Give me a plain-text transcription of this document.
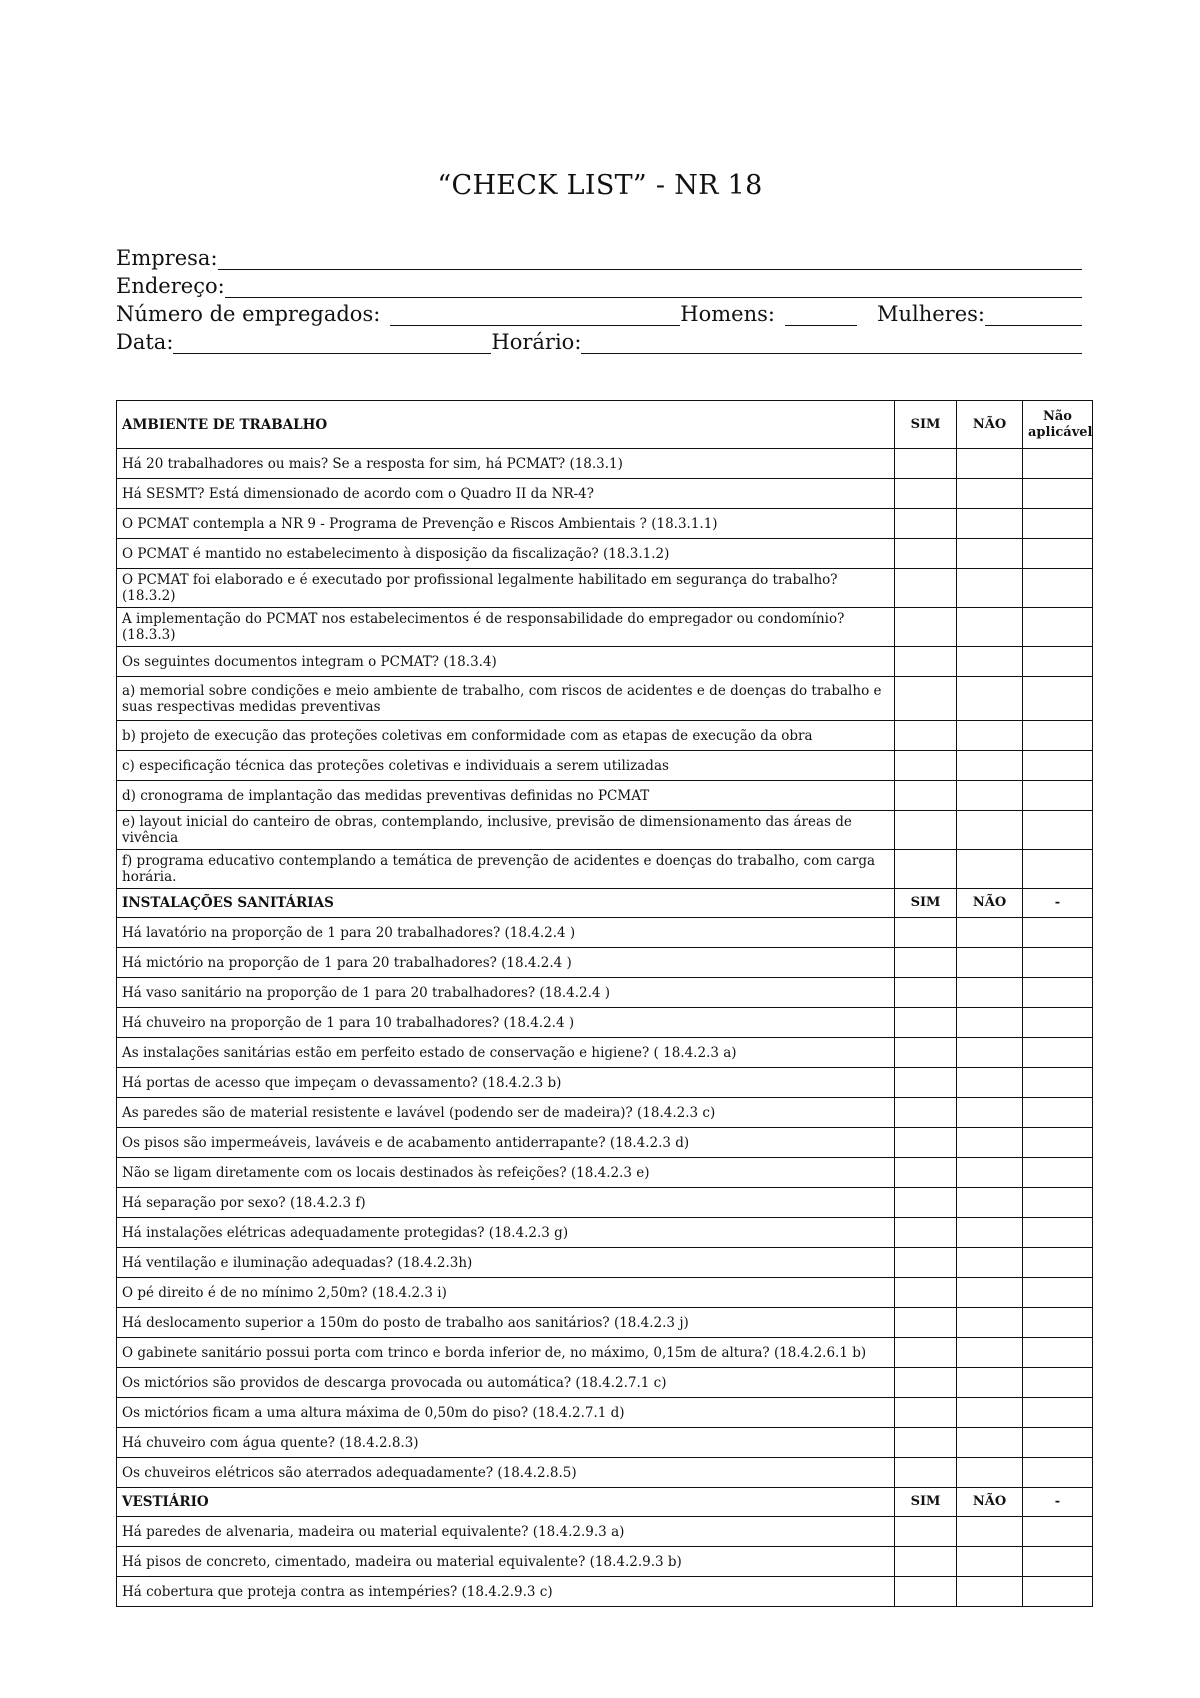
“CHECK LIST” - NR 18
Empresa:
Endereço:
Número de empregados:	Homens:	Mulheres:
Data:	Horário:
AMBIENTE DE TRABALHO	SIM	NÃO	Não aplicável
Há 20 trabalhadores ou mais? Se a resposta for sim, há PCMAT? (18.3.1)			
Há SESMT? Está dimensionado de acordo com o Quadro II da NR-4?			
O PCMAT contempla a NR 9 - Programa de Prevenção e Riscos Ambientais ? (18.3.1.1)			
O PCMAT é mantido no estabelecimento à disposição da fiscalização? (18.3.1.2)			
O PCMAT foi elaborado e é executado por profissional legalmente habilitado em segurança do trabalho? (18.3.2)			
A implementação do PCMAT nos estabelecimentos é de responsabilidade do empregador ou condomínio? (18.3.3)			
Os seguintes documentos integram o PCMAT? (18.3.4)			
a) memorial sobre condições e meio ambiente de trabalho, com riscos de acidentes e de doenças do trabalho e suas respectivas medidas preventivas			
b) projeto de execução das proteções coletivas em conformidade com as etapas de execução da obra			
c) especificação técnica das proteções coletivas e individuais a serem utilizadas			
d) cronograma de implantação das medidas preventivas definidas no PCMAT			
e) layout inicial do canteiro de obras, contemplando, inclusive, previsão de dimensionamento das áreas de vivência			
f) programa educativo contemplando a temática de prevenção de acidentes e doenças do trabalho, com carga horária.			
INSTALAÇÕES SANITÁRIAS	SIM	NÃO	-
Há lavatório na proporção de 1 para 20 trabalhadores? (18.4.2.4 )			
Há mictório na proporção de 1 para 20 trabalhadores? (18.4.2.4 )			
Há vaso sanitário na proporção de 1 para 20 trabalhadores? (18.4.2.4 )			
Há chuveiro na proporção de 1 para 10 trabalhadores? (18.4.2.4 )			
As instalações sanitárias estão em perfeito estado de conservação e higiene? ( 18.4.2.3 a)			
Há portas de acesso que impeçam o devassamento? (18.4.2.3 b)			
As paredes são de material resistente e lavável (podendo ser de madeira)? (18.4.2.3 c)			
Os pisos são impermeáveis, laváveis e de acabamento antiderrapante? (18.4.2.3 d)			
Não se ligam diretamente com os locais destinados às refeições? (18.4.2.3 e)			
Há separação por sexo? (18.4.2.3 f)			
Há instalações elétricas adequadamente protegidas? (18.4.2.3 g)			
Há ventilação e iluminação adequadas? (18.4.2.3h)			
O pé direito é de no mínimo 2,50m? (18.4.2.3 i)			
Há deslocamento superior a 150m do posto de trabalho aos sanitários? (18.4.2.3 j)			
O gabinete sanitário possui porta com trinco e borda inferior de, no máximo, 0,15m de altura? (18.4.2.6.1 b)			
Os mictórios são providos de descarga provocada ou automática? (18.4.2.7.1 c)			
Os mictórios ficam a uma altura máxima de 0,50m do piso? (18.4.2.7.1 d)			
Há chuveiro com água quente? (18.4.2.8.3)			
Os chuveiros elétricos são aterrados adequadamente? (18.4.2.8.5)			
VESTIÁRIO	SIM	NÃO	-
Há paredes de alvenaria, madeira ou material equivalente? (18.4.2.9.3 a)			
Há pisos de concreto, cimentado, madeira ou material equivalente? (18.4.2.9.3 b)			
Há cobertura que proteja contra as intempéries? (18.4.2.9.3 c)			
